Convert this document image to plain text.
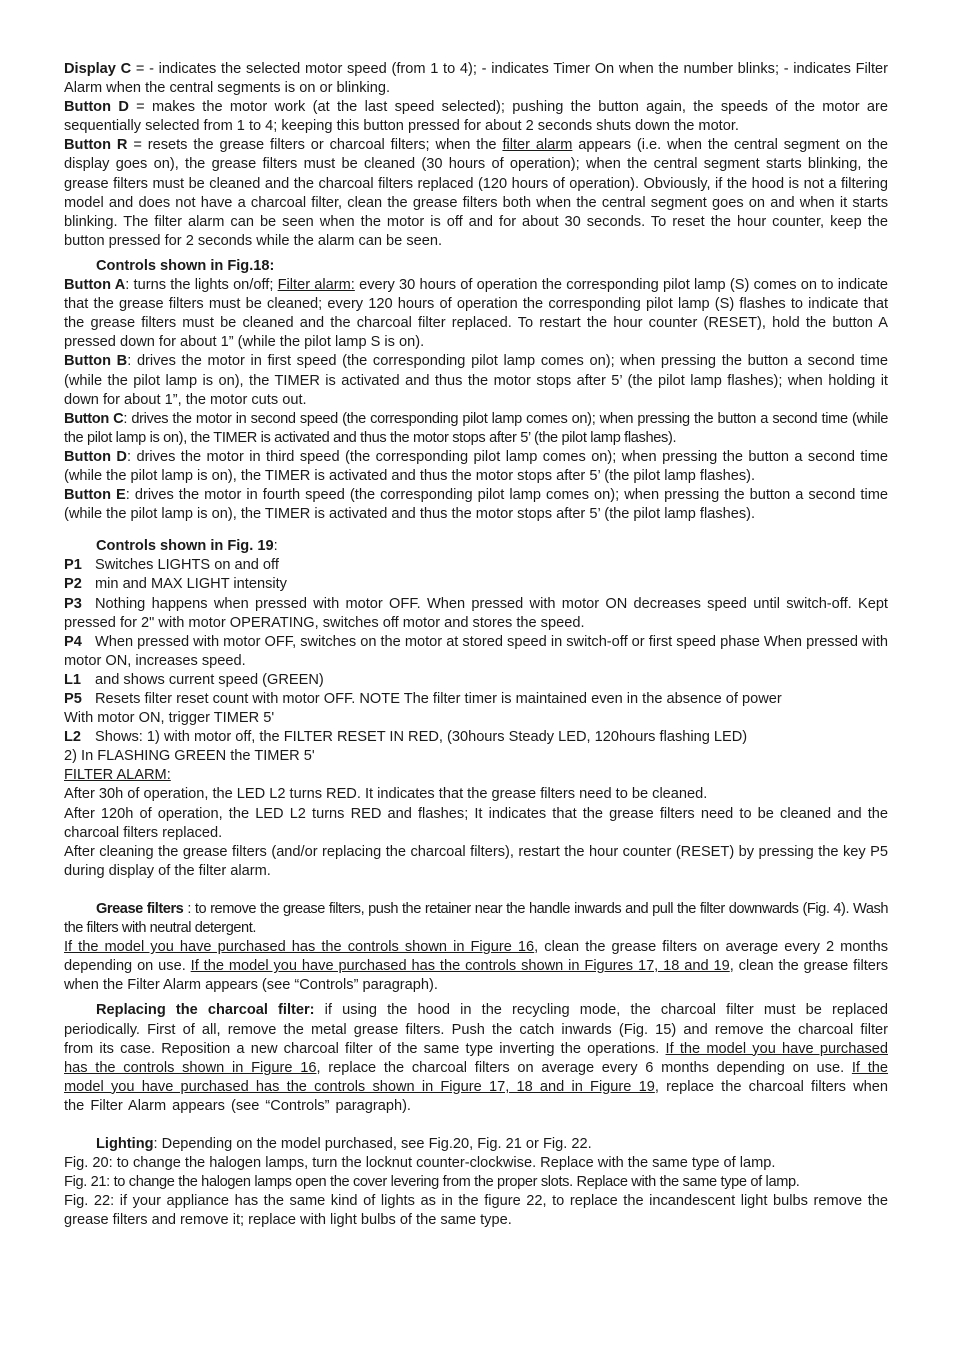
Display C = - indicates the selected motor speed (from 1 to 4); - indicates Timer On when the number blinks; - indicates Filter Alarm when the central segments is on or blinking.

Button D = makes the motor work (at the last speed selected); pushing the button again, the speeds of the motor are sequentially selected from 1 to 4; keeping this button pressed for about 2 seconds shuts down the motor.

Button R = resets the grease filters or charcoal filters; when the filter alarm appears (i.e. when the central segment on the display goes on), the grease filters must be cleaned (30 hours of operation); when the central segment starts blinking, the grease filters must be cleaned and the charcoal filters replaced (120 hours of operation). Obviously, if the hood is not a filtering model and does not have a charcoal filter, clean the grease filters both when the central segment goes on and when it starts blinking. The filter alarm can be seen when the motor is off and for about 30 seconds. To reset the hour counter, keep the button pressed for 2 seconds while the alarm can be seen.

Controls shown in Fig.18:

Button A: turns the lights on/off; Filter alarm: every 30 hours of operation the corresponding pilot lamp (S) comes on to indicate that the grease filters must be cleaned; every 120 hours of operation the corresponding pilot lamp (S) flashes to indicate that the grease filters must be cleaned and the charcoal filter replaced. To restart the hour counter (RESET), hold the button A pressed down for about 1” (while the pilot lamp S is on).

Button B: drives the motor in first speed (the corresponding pilot lamp comes on); when pressing the button a second time (while the pilot lamp is on), the TIMER is activated and thus the motor stops after 5’ (the pilot lamp flashes); when holding it down for about 1”, the motor cuts out.

Button C: drives the motor in second speed (the corresponding pilot lamp comes on); when pressing the button a second time (while the pilot lamp is on), the TIMER is activated and thus the motor stops after 5’ (the pilot lamp flashes).

Button D: drives the motor in third speed (the corresponding pilot lamp comes on); when pressing the button a second time (while the pilot lamp is on), the TIMER is activated and thus the motor stops after 5’ (the pilot lamp flashes).

Button E: drives the motor in fourth speed (the corresponding pilot lamp comes on); when pressing the button a second time (while the pilot lamp is on), the TIMER is activated and thus the motor stops after 5’ (the pilot lamp flashes).

Controls shown in Fig. 19:

P1 Switches LIGHTS on and off

P2 min and MAX LIGHT intensity

P3 Nothing happens when pressed with motor OFF. When pressed with motor ON decreases speed until switch-off. Kept pressed for 2" with motor OPERATING, switches off motor and stores the speed.

P4 When pressed with motor OFF, switches on the motor at stored speed in switch-off or first speed phase When pressed with motor ON, increases speed.

L1 and shows current speed (GREEN)

P5 Resets filter reset count with motor OFF. NOTE The filter timer is maintained even in the absence of power

With motor ON, trigger TIMER 5'

L2 Shows: 1) with motor off, the FILTER RESET IN RED, (30hours Steady LED, 120hours flashing LED)

2) In FLASHING GREEN the TIMER 5'

FILTER ALARM:

After 30h of operation, the LED L2 turns RED. It indicates that the grease filters need to be cleaned.

After 120h of operation, the LED L2 turns RED and flashes; It indicates that the grease filters need to be cleaned and the charcoal filters replaced.

After cleaning the grease filters (and/or replacing the charcoal filters), restart the hour counter (RESET) by pressing the key P5 during display of the filter alarm.

Grease filters : to remove the grease filters, push the retainer near the handle inwards and pull the filter downwards (Fig. 4). Wash the filters with neutral detergent.

If the model you have purchased has the controls shown in Figure 16, clean the grease filters on average every 2 months depending on use. If the model you have purchased has the controls shown in Figures 17, 18 and 19, clean the grease filters when the Filter Alarm appears (see “Controls” paragraph).

Replacing the charcoal filter: if using the hood in the recycling mode, the charcoal filter must be replaced periodically. First of all, remove the metal grease filters. Push the catch inwards (Fig. 15) and remove the charcoal filter from its case. Reposition a new charcoal filter of the same type inverting the operations. If the model you have purchased has the controls shown in Figure 16, replace the charcoal filters on average every 6 months depending on use. If the model you have purchased has the controls shown in Figure 17, 18 and in Figure 19, replace the charcoal filters when the Filter Alarm appears (see “Controls” paragraph).

Lighting: Depending on the model purchased, see Fig.20, Fig. 21 or Fig. 22.

Fig. 20: to change the halogen lamps, turn the locknut counter-clockwise. Replace with the same type of lamp.

Fig. 21: to change the halogen lamps open the cover levering from the proper slots. Replace with the same type of lamp.

Fig. 22: if your appliance has the same kind of lights as in the figure 22, to replace the incandescent light bulbs remove the grease filters and remove it; replace with light bulbs of the same type.
